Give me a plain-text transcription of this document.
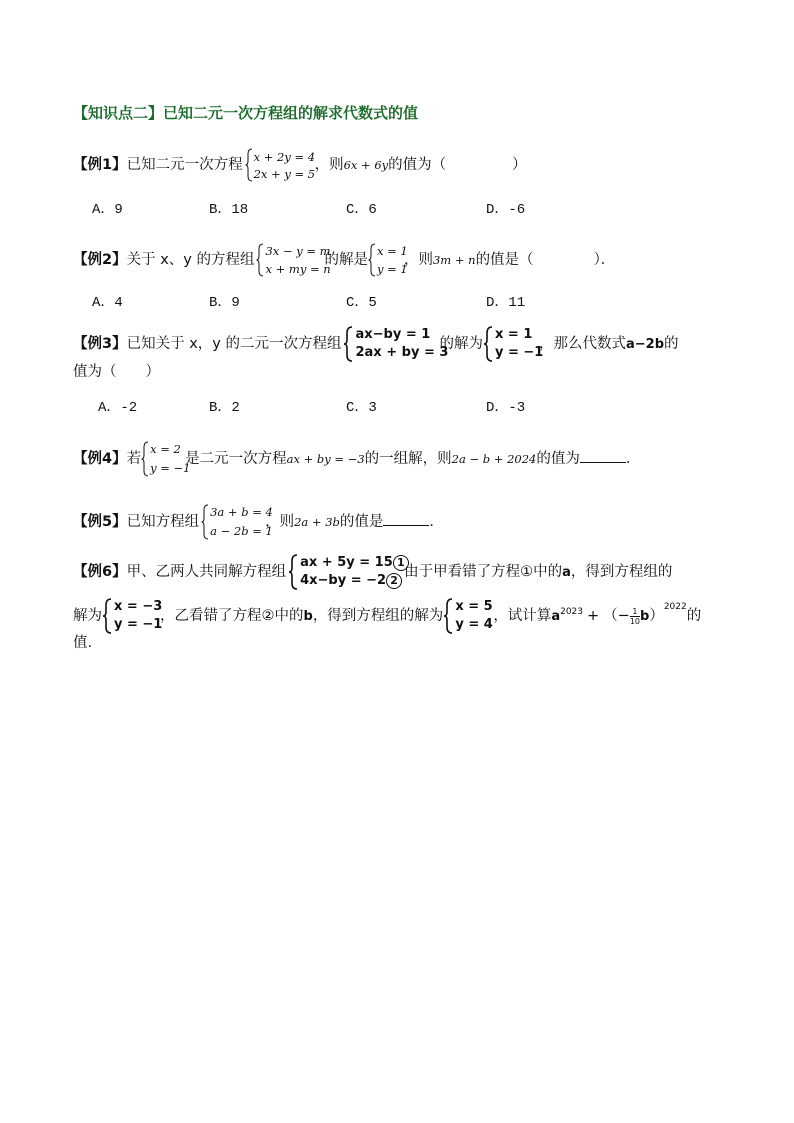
【知识点二】已知二元一次方程组的解求代数式的值
【例1】已知二元一次方程 x + 2y = 4
2x + y = 5
，则6x + 6y的值为（	）
A．9	B．18	C．6	D．-6
【例2】关于 x、y 的方程组
3x − y = m
x + my = n
的解是
x = 1
y = 1
，则3m + n的值是（	）．
A．4	B．9	C．5	D．11
【例3】已知关于 x，y 的二元一次方程组
ax−by = 1
2ax + by = 3
的解为
x = 1
y = −1
，那么代数式a−2b的
值为（　　）
A．-2	B．2	C．3	D．-3
【例4】若
x = 2
y = −1
是二元一次方程ax + by = −3的一组解，则2a − b + 2024的值为	．
【例5】已知方程组
3a + b = 4
a − 2b = 1
，则2a + 3b的值是	．
【例6】甲、乙两人共同解方程组
ax + 5y = 15 1
4x−by = −2 2 由于甲看错了方程①中的a，得到方程组的
解为
x = −3
y = −1
，乙看错了方程②中的b，得到方程组的解为
x = 5
y = 4
，试计算$a^{2023}$ + （− $\frac{1}{10} b)^{2022}$的
值.
